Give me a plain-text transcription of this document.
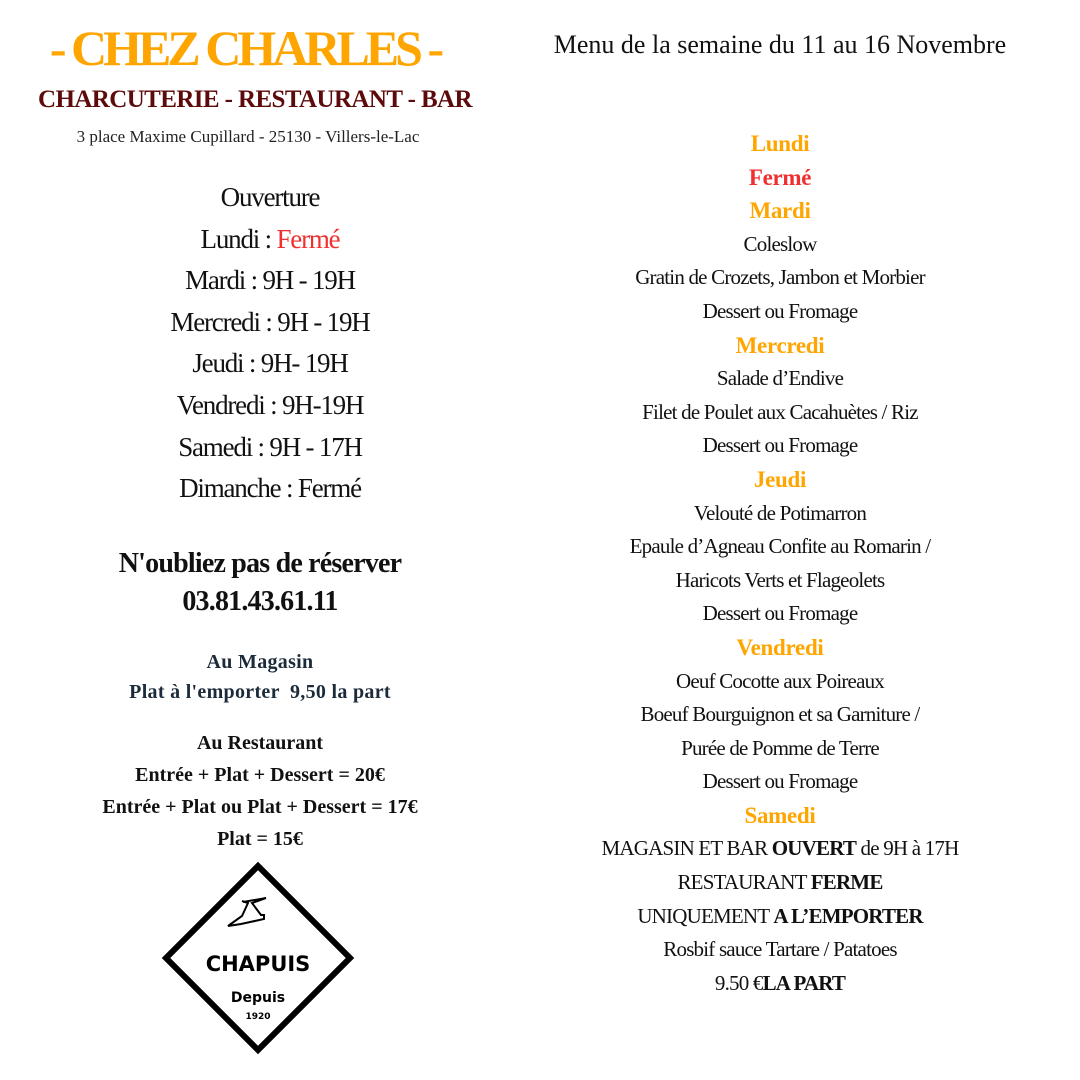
- CHEZ CHARLES -
CHARCUTERIE - RESTAURANT - BAR
3 place Maxime Cupillard - 25130 - Villers-le-Lac
Menu de la semaine du 11 au 16 Novembre
Ouverture
Lundi : Fermé
Mardi : 9H - 19H
Mercredi : 9H - 19H
Jeudi : 9H- 19H
Vendredi : 9H-19H
Samedi : 9H - 17H
Dimanche : Fermé
N'oubliez pas de réserver
03.81.43.61.11
Au Magasin
Plat à l'emporter  9,50 la part
Au Restaurant
Entrée + Plat + Dessert = 20€
Entrée + Plat ou Plat + Dessert = 17€
Plat = 15€
CHAPUIS
Depuis
1920
Lundi
Fermé
Mardi
Coleslow
Gratin de Crozets, Jambon et Morbier
Dessert ou Fromage
Mercredi
Salade d’Endive
Filet de Poulet aux Cacahuètes / Riz
Dessert ou Fromage
Jeudi
Velouté de Potimarron
Epaule d’Agneau Confite au Romarin /
Haricots Verts et Flageolets
Dessert ou Fromage
Vendredi
Oeuf Cocotte aux Poireaux
Boeuf Bourguignon et sa Garniture /
Purée de Pomme de Terre
Dessert ou Fromage
Samedi
MAGASIN ET BAR OUVERT de 9H à 17H
RESTAURANT FERME
UNIQUEMENT A L’EMPORTER
Rosbif sauce Tartare / Patatoes
9.50 €LA PART
